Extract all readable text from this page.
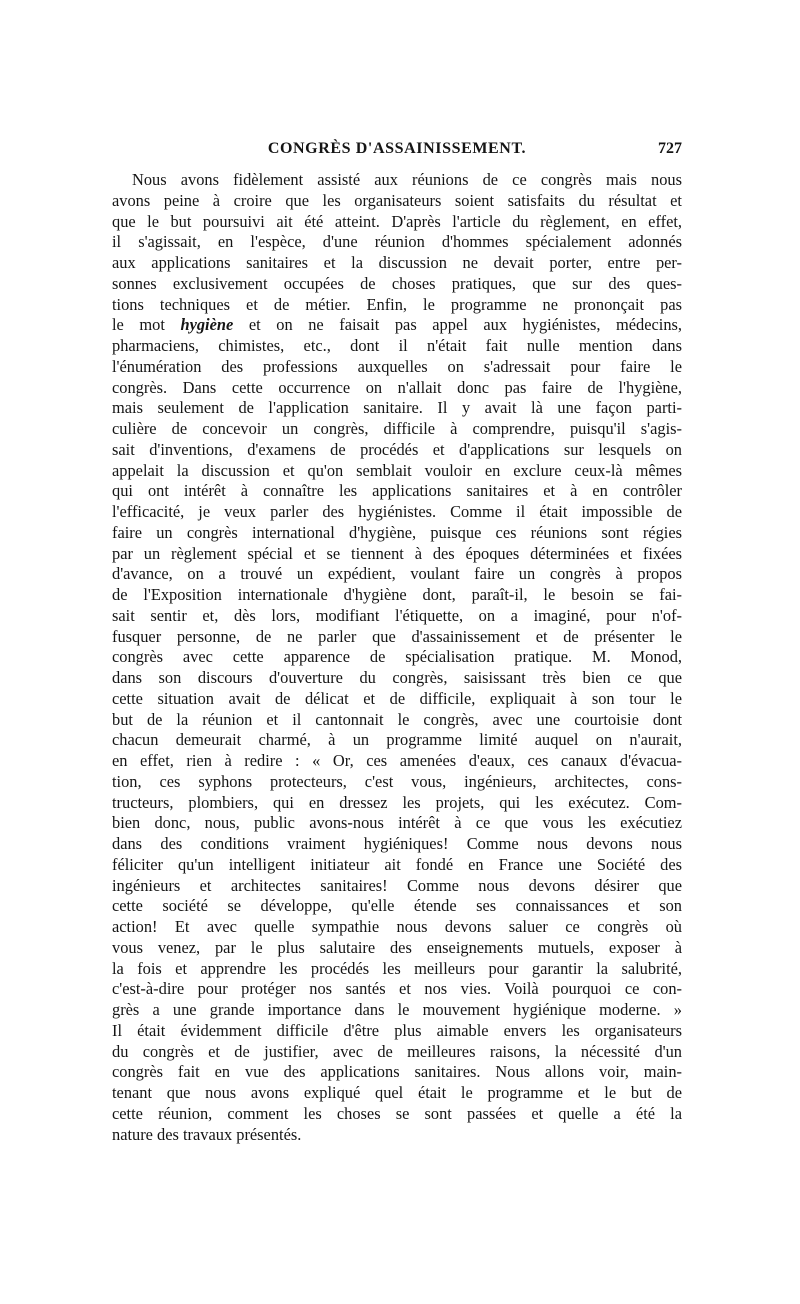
CONGRÈS D'ASSAINISSEMENT.	727
Nous avons fidèlement assisté aux réunions de ce congrès mais nous
avons peine à croire que les organisateurs soient satisfaits du résultat et
que le but poursuivi ait été atteint. D'après l'article du règlement, en effet,
il s'agissait, en l'espèce, d'une réunion d'hommes spécialement adonnés
aux applications sanitaires et la discussion ne devait porter, entre per-
sonnes exclusivement occupées de choses pratiques, que sur des ques-
tions techniques et de métier. Enfin, le programme ne prononçait pas
le mot hygiène et on ne faisait pas appel aux hygiénistes, médecins,
pharmaciens, chimistes, etc., dont il n'était fait nulle mention dans
l'énumération des professions auxquelles on s'adressait pour faire le
congrès. Dans cette occurrence on n'allait donc pas faire de l'hygiène,
mais seulement de l'application sanitaire. Il y avait là une façon parti-
culière de concevoir un congrès, difficile à comprendre, puisqu'il s'agis-
sait d'inventions, d'examens de procédés et d'applications sur lesquels on
appelait la discussion et qu'on semblait vouloir en exclure ceux-là mêmes
qui ont intérêt à connaître les applications sanitaires et à en contrôler
l'efficacité, je veux parler des hygiénistes. Comme il était impossible de
faire un congrès international d'hygiène, puisque ces réunions sont régies
par un règlement spécial et se tiennent à des époques déterminées et fixées
d'avance, on a trouvé un expédient, voulant faire un congrès à propos
de l'Exposition internationale d'hygiène dont, paraît-il, le besoin se fai-
sait sentir et, dès lors, modifiant l'étiquette, on a imaginé, pour n'of-
fusquer personne, de ne parler que d'assainissement et de présenter le
congrès avec cette apparence de spécialisation pratique. M. Monod,
dans son discours d'ouverture du congrès, saisissant très bien ce que
cette situation avait de délicat et de difficile, expliquait à son tour le
but de la réunion et il cantonnait le congrès, avec une courtoisie dont
chacun demeurait charmé, à un programme limité auquel on n'aurait,
en effet, rien à redire : « Or, ces amenées d'eaux, ces canaux d'évacua-
tion, ces syphons protecteurs, c'est vous, ingénieurs, architectes, cons-
tructeurs, plombiers, qui en dressez les projets, qui les exécutez. Com-
bien donc, nous, public avons-nous intérêt à ce que vous les exécutiez
dans des conditions vraiment hygiéniques! Comme nous devons nous
féliciter qu'un intelligent initiateur ait fondé en France une Société des
ingénieurs et architectes sanitaires! Comme nous devons désirer que
cette société se développe, qu'elle étende ses connaissances et son
action! Et avec quelle sympathie nous devons saluer ce congrès où
vous venez, par le plus salutaire des enseignements mutuels, exposer à
la fois et apprendre les procédés les meilleurs pour garantir la salubrité,
c'est-à-dire pour protéger nos santés et nos vies. Voilà pourquoi ce con-
grès a une grande importance dans le mouvement hygiénique moderne. »
Il était évidemment difficile d'être plus aimable envers les organisateurs
du congrès et de justifier, avec de meilleures raisons, la nécessité d'un
congrès fait en vue des applications sanitaires. Nous allons voir, main-
tenant que nous avons expliqué quel était le programme et le but de
cette réunion, comment les choses se sont passées et quelle a été la
nature des travaux présentés.
